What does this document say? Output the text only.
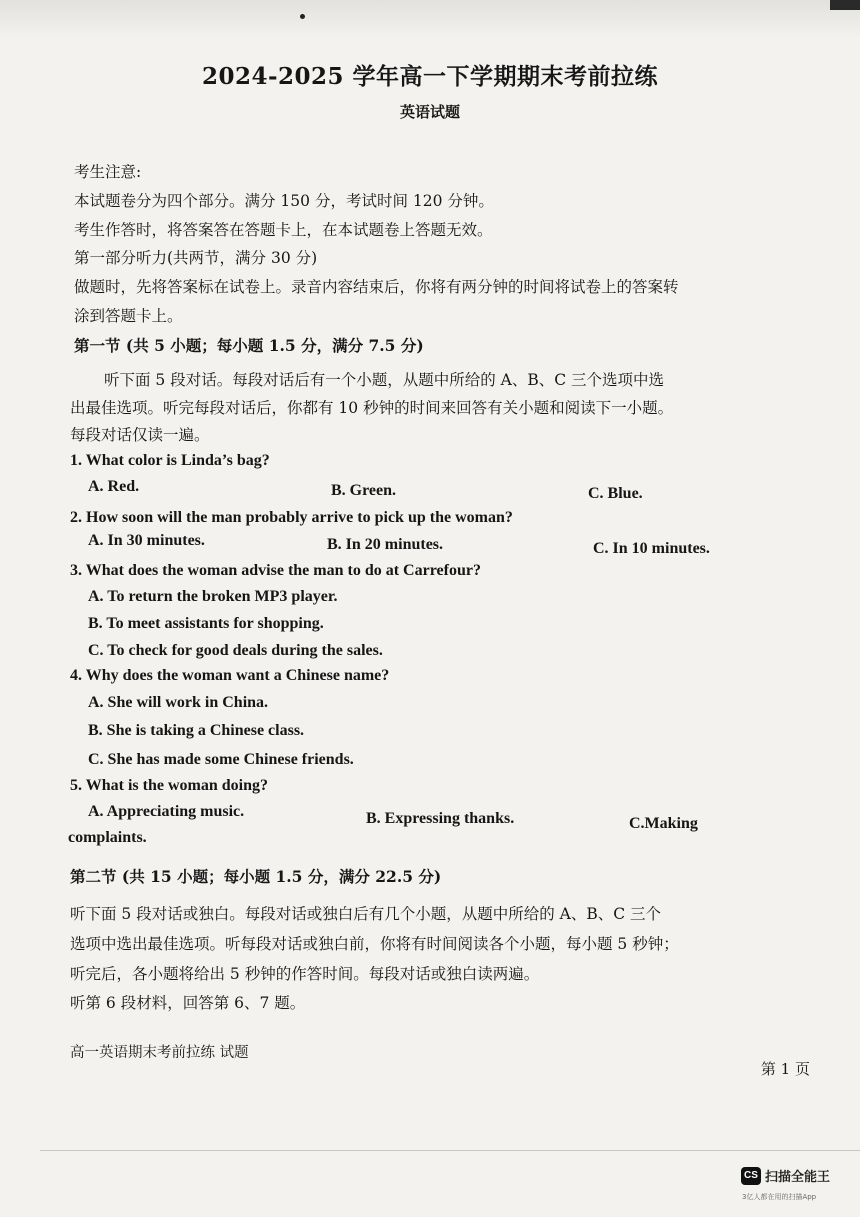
2024-2025 学年高一下学期期末考前拉练
英语试题
考生注意:
本试题卷分为四个部分。满分 150 分，考试时间 120 分钟。
考生作答时，将答案答在答题卡上，在本试题卷上答题无效。
第一部分听力(共两节，满分 30 分)
做题时，先将答案标在试卷上。录音内容结束后，你将有两分钟的时间将试卷上的答案转
涂到答题卡上。
第一节 (共 5 小题；每小题 1.5 分，满分 7.5 分)
听下面 5 段对话。每段对话后有一个小题，从题中所给的 A、B、C 三个选项中选
出最佳选项。听完每段对话后，你都有 10 秒钟的时间来回答有关小题和阅读下一小题。
每段对话仅读一遍。
1. What color is Linda’s bag?
A. Red.	B. Green.	C. Blue.
2. How soon will the man probably arrive to pick up the woman?
A. In 30 minutes.	B. In 20 minutes.	C. In 10 minutes.
3. What does the woman advise the man to do at Carrefour?
A. To return the broken MP3 player.
B. To meet assistants for shopping.
C. To check for good deals during the sales.
4. Why does the woman want a Chinese name?
A. She will work in China.
B. She is taking a Chinese class.
C. She has made some Chinese friends.
5. What is the woman doing?
A. Appreciating music.	B. Expressing thanks.	C.Making
complaints.
第二节 (共 15 小题；每小题 1.5 分，满分 22.5 分)
听下面 5 段对话或独白。每段对话或独白后有几个小题，从题中所给的 A、B、C 三个
选项中选出最佳选项。听每段对话或独白前，你将有时间阅读各个小题，每小题 5 秒钟；
听完后，各小题将给出 5 秒钟的作答时间。每段对话或独白读两遍。
听第 6 段材料，回答第 6、7 题。
高一英语期末考前拉练 试题
第 1 页
CS 扫描全能王
3亿人都在用的扫描App
